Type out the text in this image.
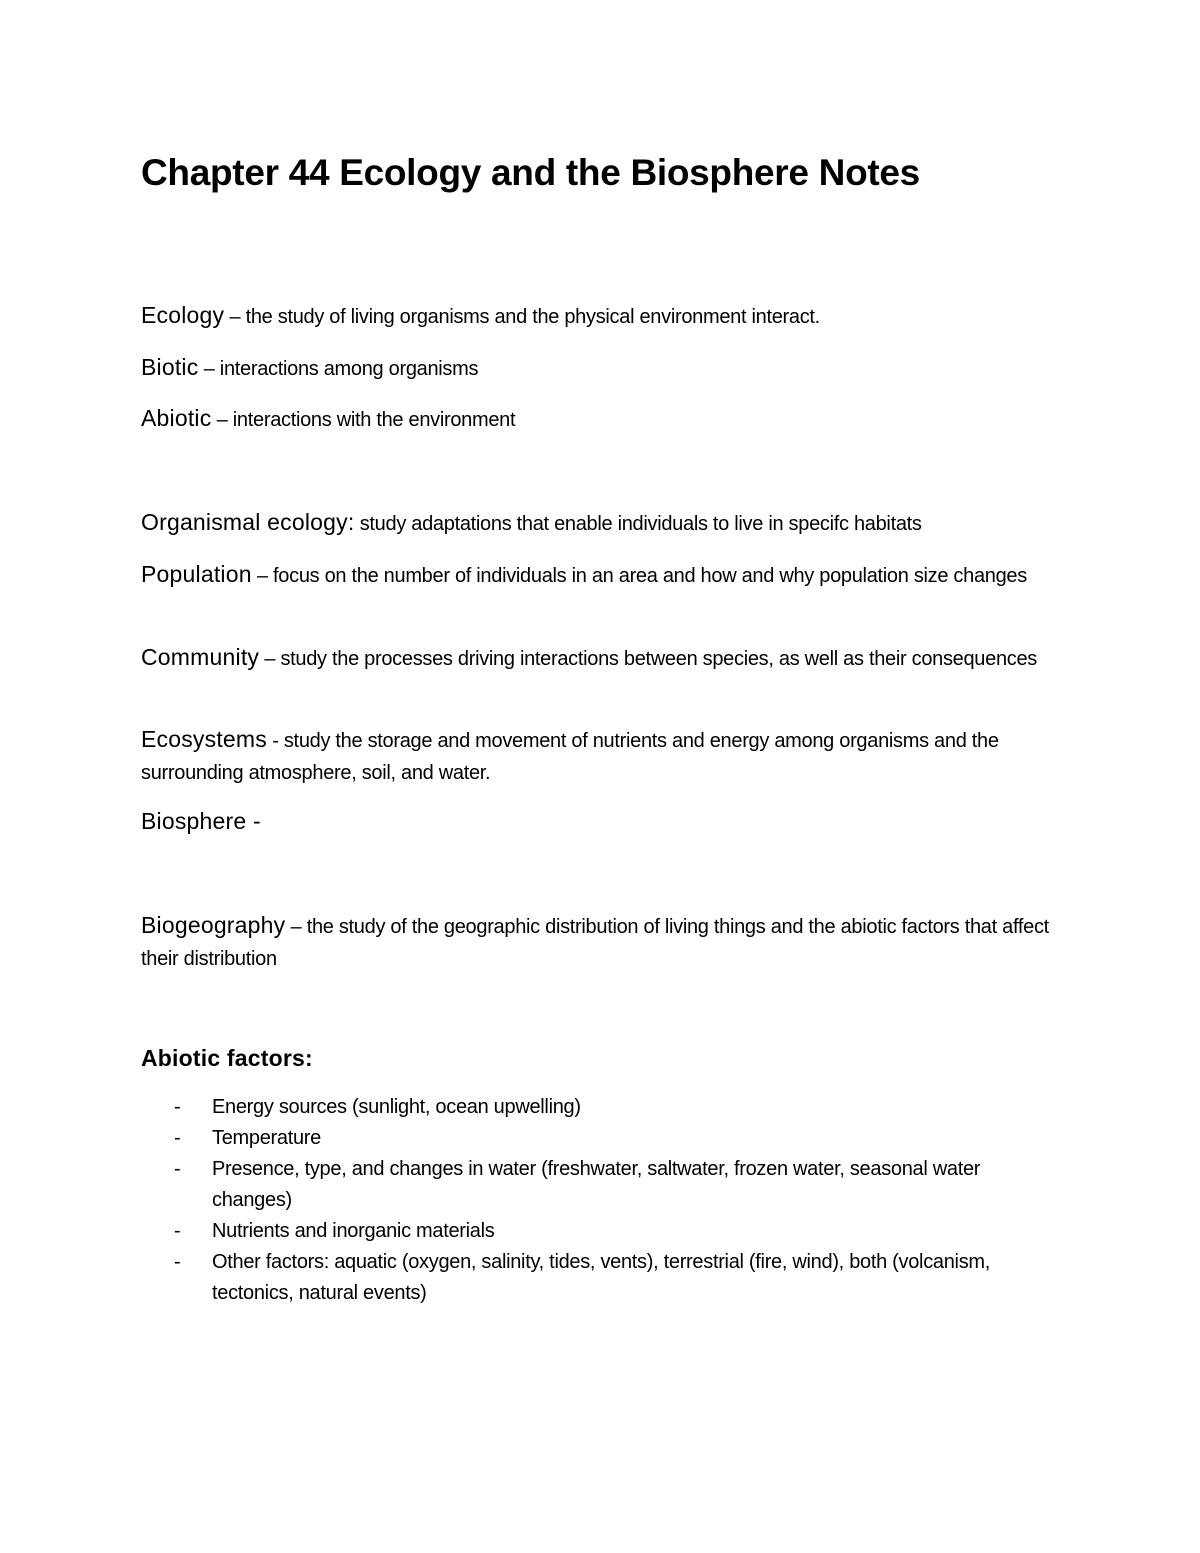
Chapter 44 Ecology and the Biosphere Notes

Ecology – the study of living organisms and the physical environment interact.

Biotic – interactions among organisms

Abiotic – interactions with the environment

Organismal ecology: study adaptations that enable individuals to live in specifc habitats

Population – focus on the number of individuals in an area and how and why population size changes

Community – study the processes driving interactions between species, as well as their consequences

Ecosystems - study the storage and movement of nutrients and energy among organisms and the surrounding atmosphere, soil, and water.

Biosphere -

Biogeography – the study of the geographic distribution of living things and the abiotic factors that affect their distribution

Abiotic factors:
- Energy sources (sunlight, ocean upwelling)
- Temperature
- Presence, type, and changes in water (freshwater, saltwater, frozen water, seasonal water changes)
- Nutrients and inorganic materials
- Other factors: aquatic (oxygen, salinity, tides, vents), terrestrial (fire, wind), both (volcanism, tectonics, natural events)
